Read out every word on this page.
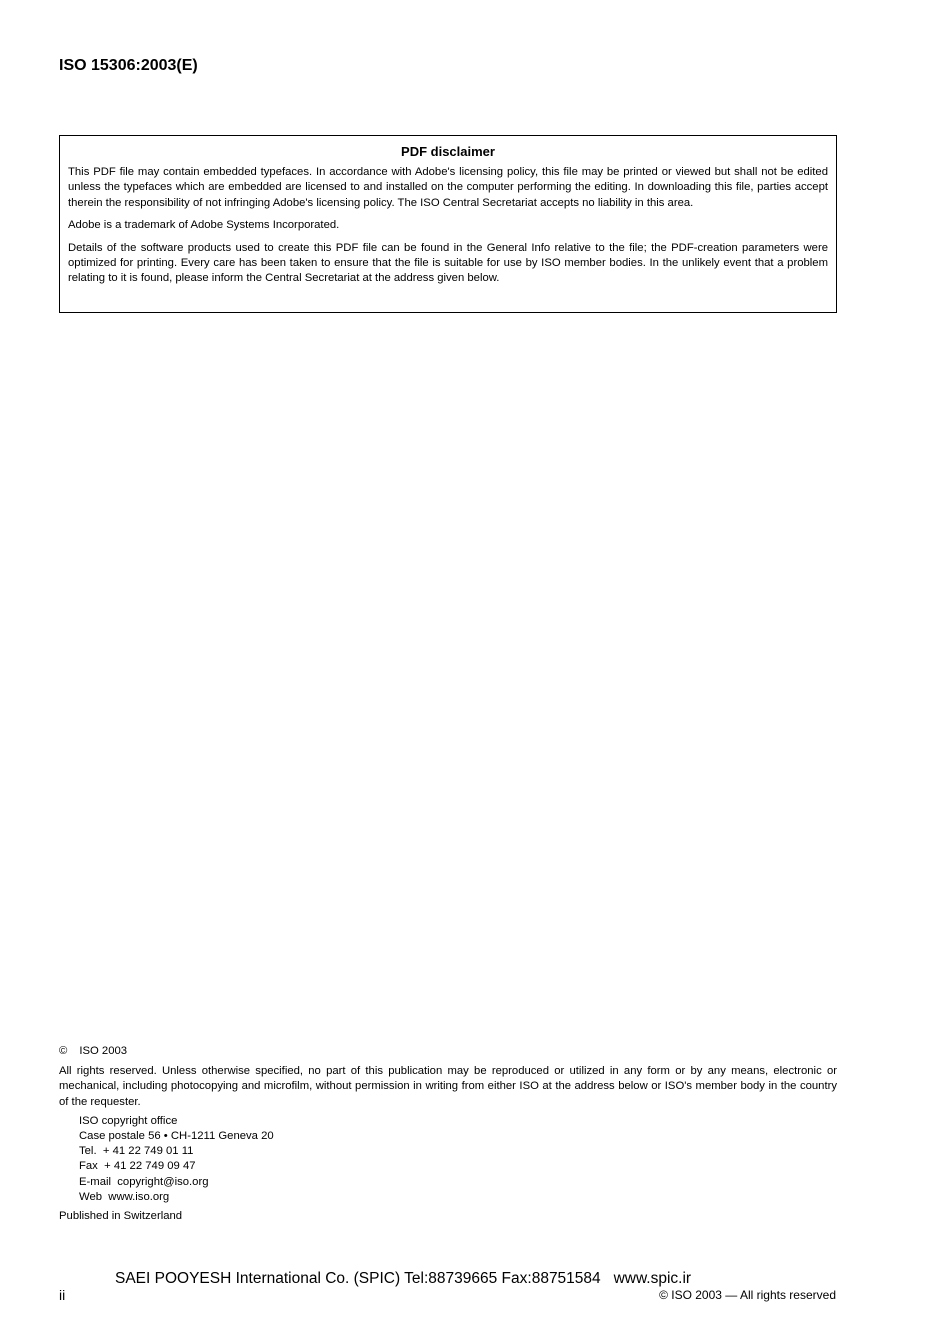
ISO 15306:2003(E)

PDF disclaimer

This PDF file may contain embedded typefaces. In accordance with Adobe's licensing policy, this file may be printed or viewed but shall not be edited unless the typefaces which are embedded are licensed to and installed on the computer performing the editing. In downloading this file, parties accept therein the responsibility of not infringing Adobe's licensing policy. The ISO Central Secretariat accepts no liability in this area.

Adobe is a trademark of Adobe Systems Incorporated.

Details of the software products used to create this PDF file can be found in the General Info relative to the file; the PDF-creation parameters were optimized for printing. Every care has been taken to ensure that the file is suitable for use by ISO member bodies. In the unlikely event that a problem relating to it is found, please inform the Central Secretariat at the address given below.

© ISO 2003

All rights reserved. Unless otherwise specified, no part of this publication may be reproduced or utilized in any form or by any means, electronic or mechanical, including photocopying and microfilm, without permission in writing from either ISO at the address below or ISO's member body in the country of the requester.

ISO copyright office
Case postale 56 • CH-1211 Geneva 20
Tel.  + 41 22 749 01 11
Fax  + 41 22 749 09 47
E-mail  copyright@iso.org
Web  www.iso.org

Published in Switzerland

SAEI POOYESH International Co. (SPIC) Tel:88739665 Fax:88751584   www.spic.ir
ii	© ISO 2003 — All rights reserved
